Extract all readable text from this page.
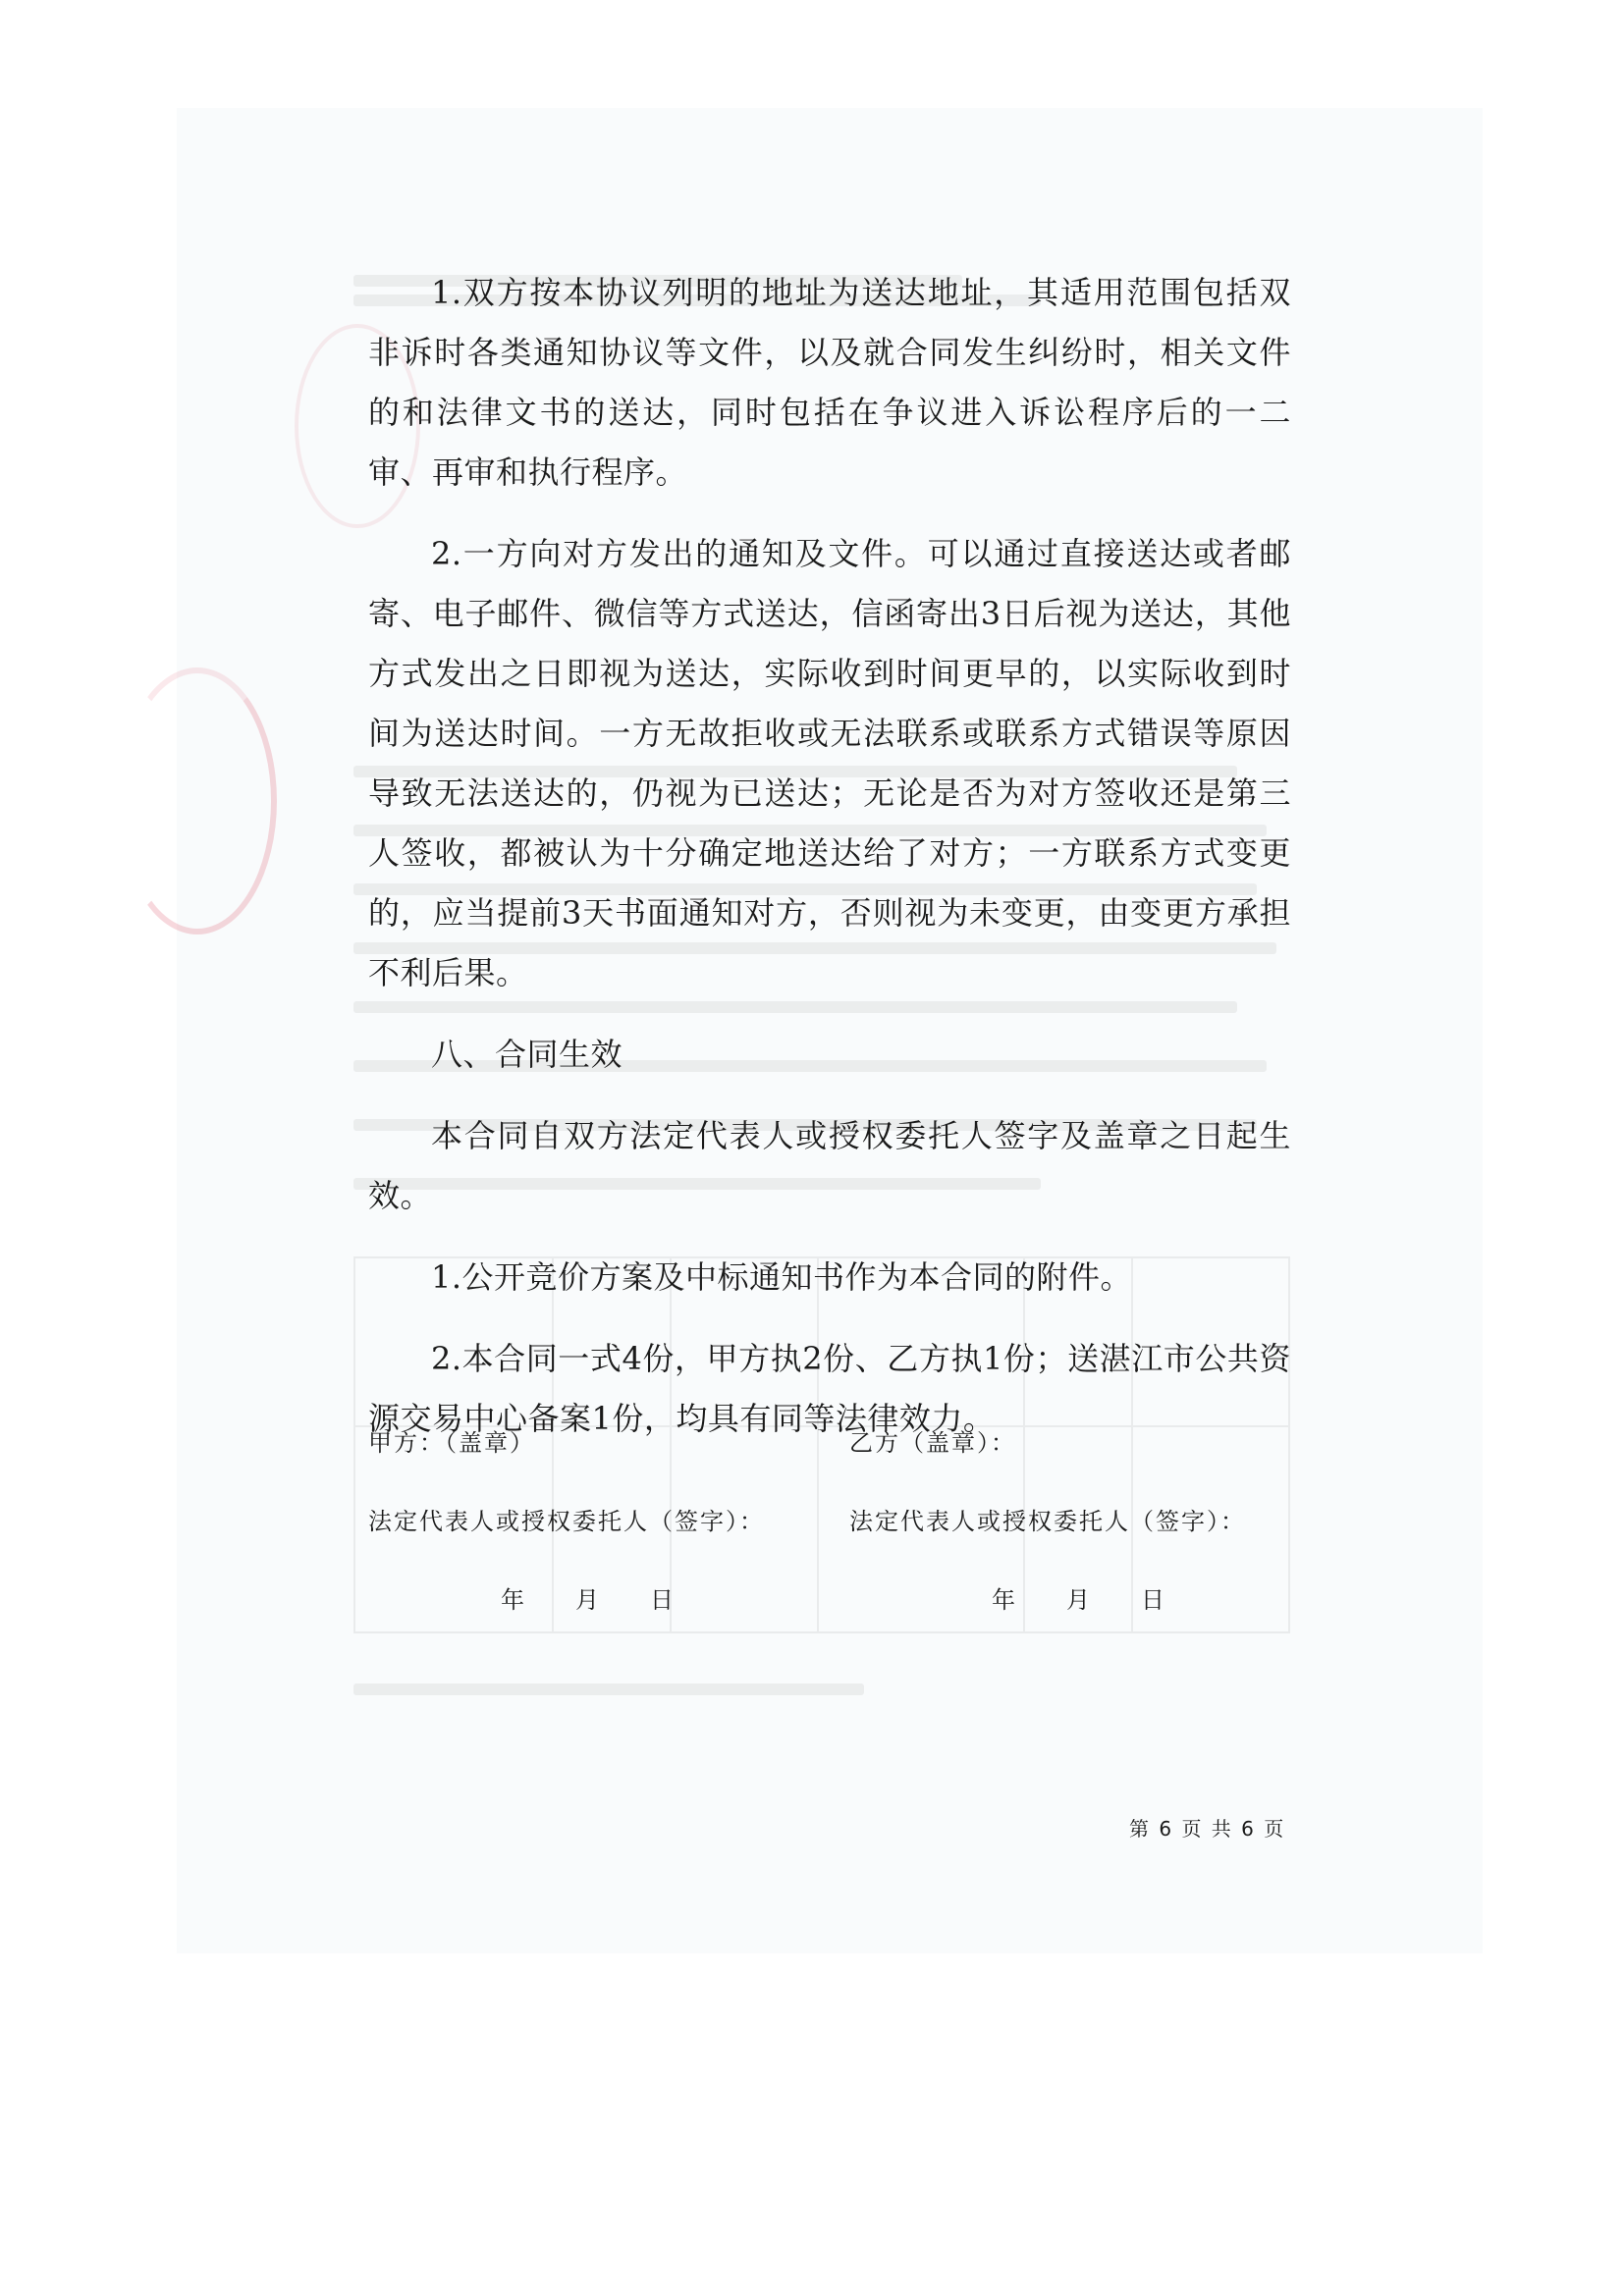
1.双方按本协议列明的地址为送达地址，其适用范围包括双非诉时各类通知协议等文件，以及就合同发生纠纷时，相关文件的和法律文书的送达，同时包括在争议进入诉讼程序后的一二审、再审和执行程序。

2.一方向对方发出的通知及文件。可以通过直接送达或者邮寄、电子邮件、微信等方式送达，信函寄出3日后视为送达，其他方式发出之日即视为送达，实际收到时间更早的，以实际收到时间为送达时间。一方无故拒收或无法联系或联系方式错误等原因导致无法送达的，仍视为已送达；无论是否为对方签收还是第三人签收，都被认为十分确定地送达给了对方；一方联系方式变更的，应当提前3天书面通知对方，否则视为未变更，由变更方承担不利后果。

八、合同生效

本合同自双方法定代表人或授权委托人签字及盖章之日起生效。

1.公开竞价方案及中标通知书作为本合同的附件。

2.本合同一式4份，甲方执2份、乙方执1份；送湛江市公共资源交易中心备案1份，均具有同等法律效力。

甲方：（盖章）	乙方（盖章）：
法定代表人或授权委托人（签字）：	法定代表人或授权委托人（签字）：
年 月 日	年 月 日
第 6 页 共 6 页
